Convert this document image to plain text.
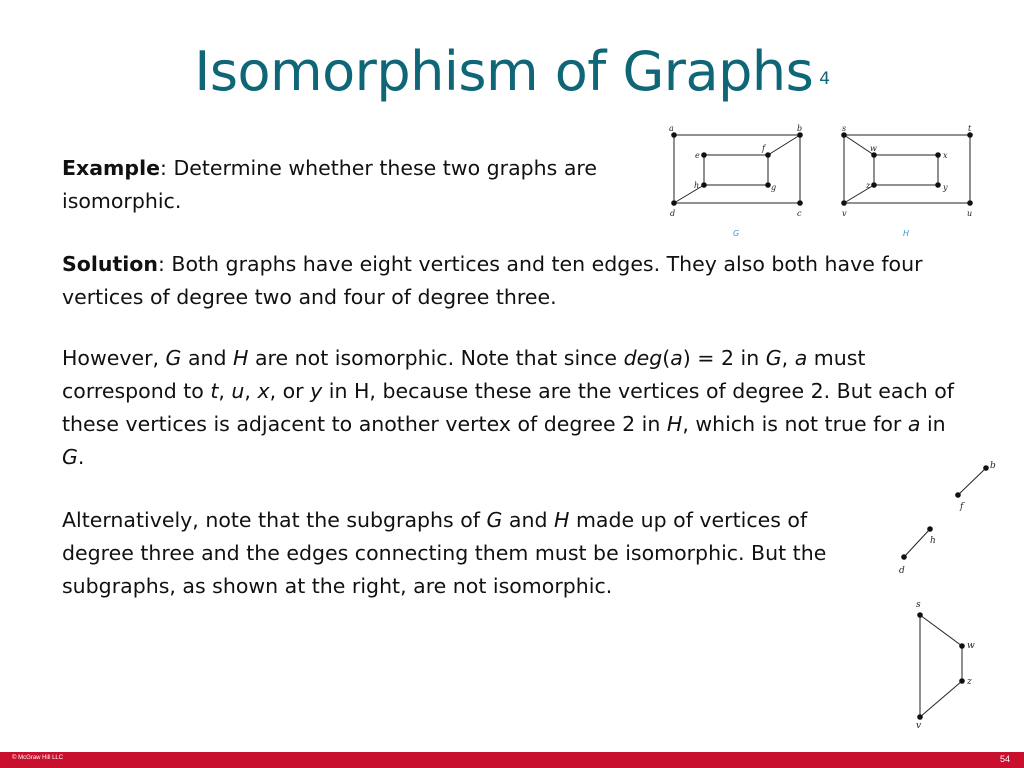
Isomorphism of Graphs $_4$
Example: Determine whether these two graphs are isomorphic.
Solution: Both graphs have eight vertices and ten edges. They also both have four vertices of degree two and four of degree three.
However, G and H are not isomorphic. Note that since deg(a) = 2 in G, a must correspond to t, u, x, or y in H, because these are the vertices of degree 2. But each of these vertices is adjacent to another vertex of degree 2 in H, which is not true for a in G.
Alternatively, note that the subgraphs of G and H made up of vertices of degree three and the edges connecting them must be isomorphic. But the subgraphs, as shown at the right, are not isomorphic.
a	b
c
d
e
f
g
h
s	t
u
v
w
x
y
z
G	H
b
f
h
d
s
w
z
v
© McGraw Hill LLC	54
